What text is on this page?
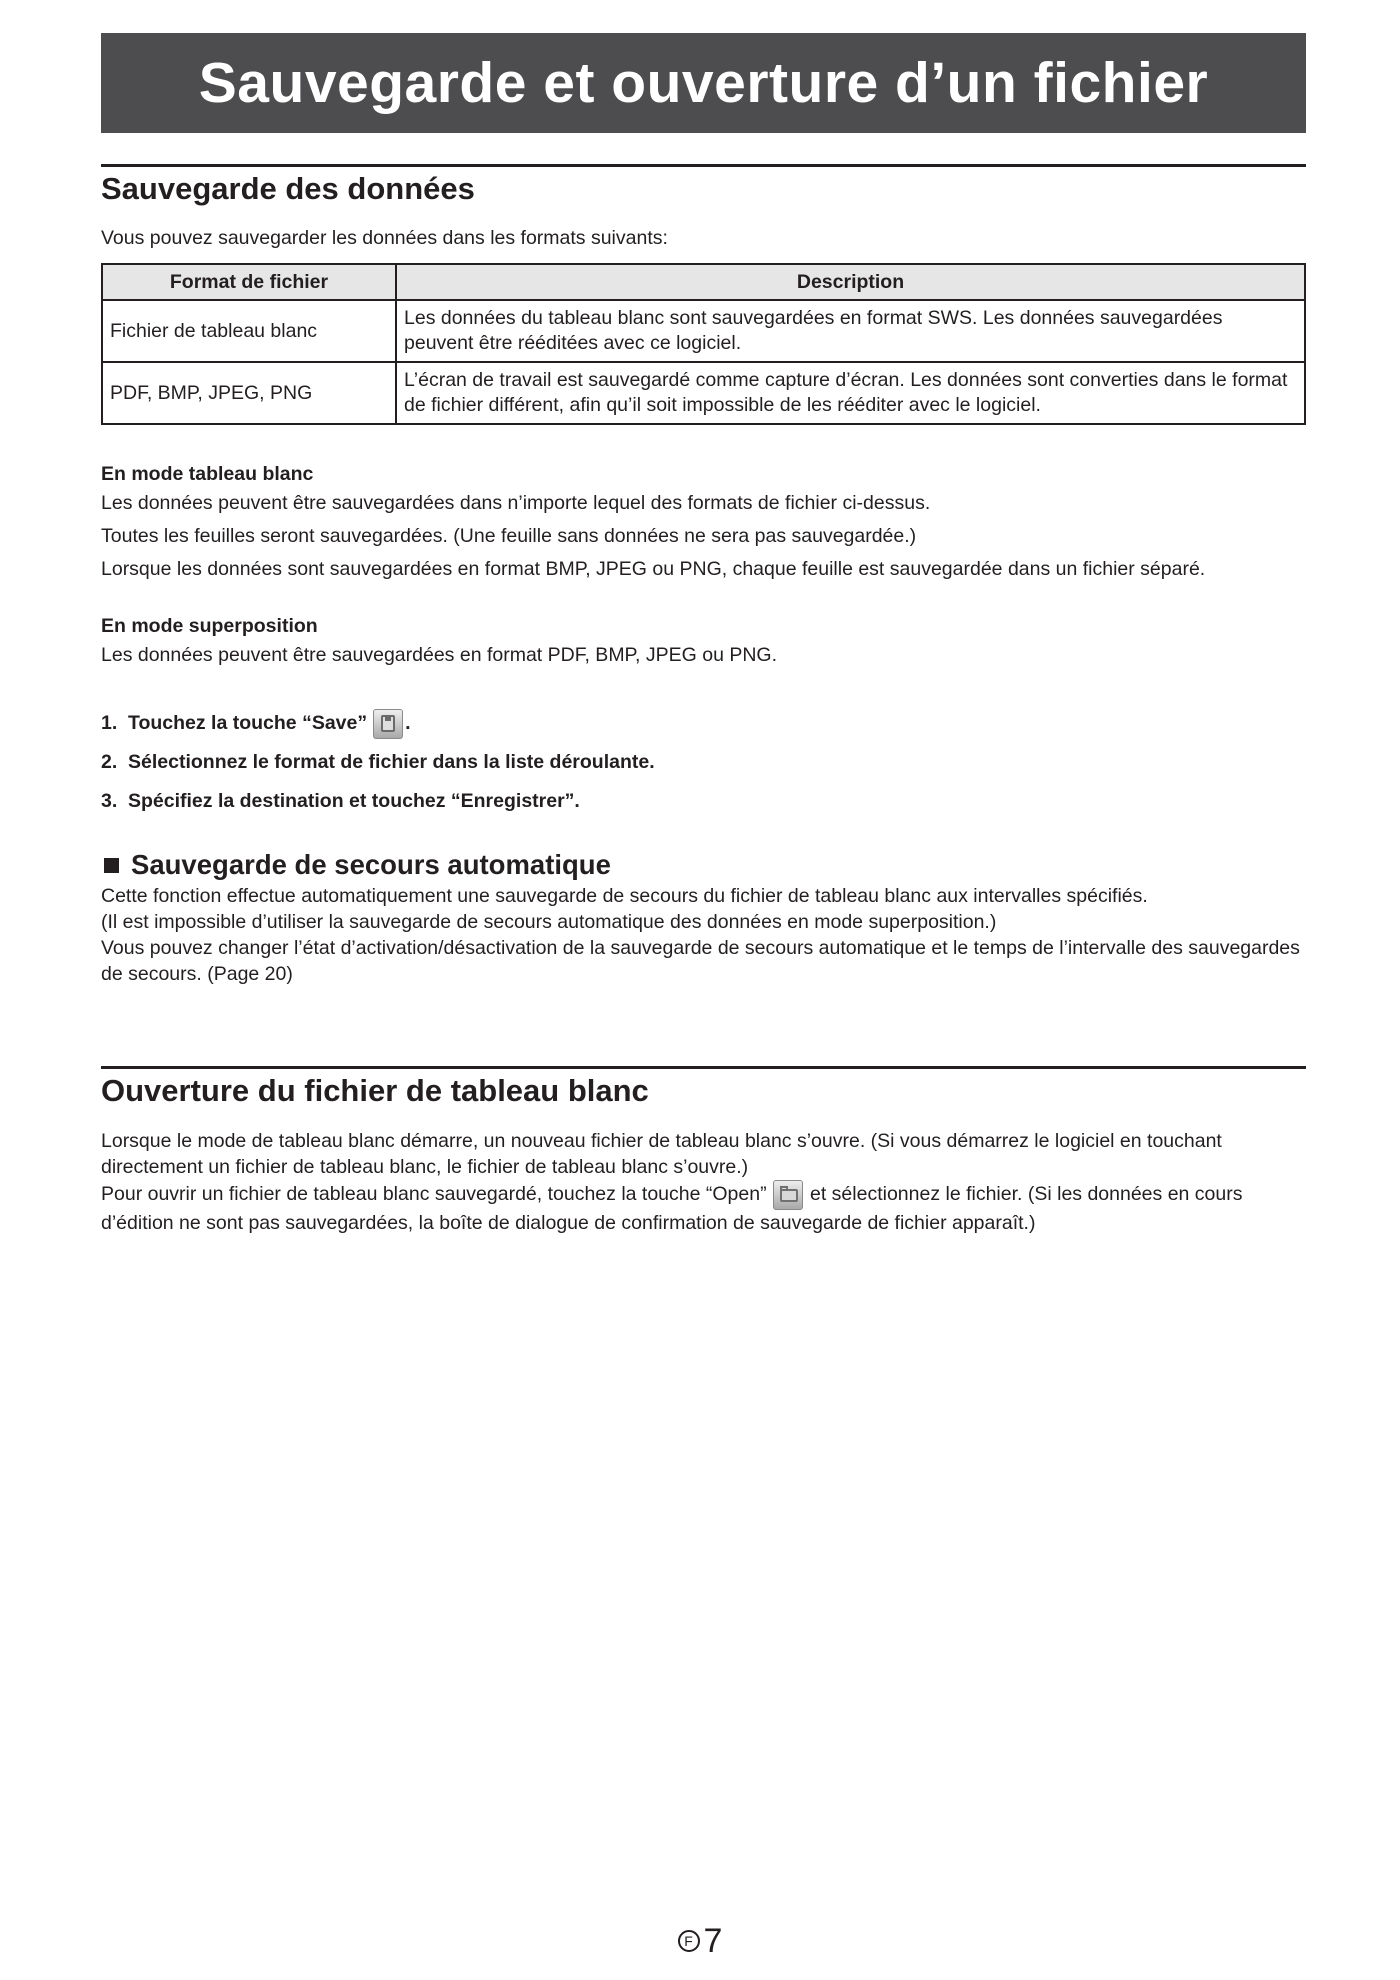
Sauvegarde et ouverture d’un fichier
Sauvegarde des données
Vous pouvez sauvegarder les données dans les formats suivants:
Format de fichier	Description
Fichier de tableau blanc	Les données du tableau blanc sont sauvegardées en format SWS. Les données sauvegardées peuvent être rééditées avec ce logiciel.
PDF, BMP, JPEG, PNG	L’écran de travail est sauvegardé comme capture d’écran. Les données sont converties dans le format de fichier différent, afin qu’il soit impossible de les rééditer avec le logiciel.
En mode tableau blanc
Les données peuvent être sauvegardées dans n’importe lequel des formats de fichier ci-dessus.
Toutes les feuilles seront sauvegardées. (Une feuille sans données ne sera pas sauvegardée.)
Lorsque les données sont sauvegardées en format BMP, JPEG ou PNG, chaque feuille est sauvegardée dans un fichier séparé.
En mode superposition
Les données peuvent être sauvegardées en format PDF, BMP, JPEG ou PNG.
1. Touchez la touche “Save” .
2. Sélectionnez le format de fichier dans la liste déroulante.
3. Spécifiez la destination et touchez “Enregistrer”.
Sauvegarde de secours automatique
Cette fonction effectue automatiquement une sauvegarde de secours du fichier de tableau blanc aux intervalles spécifiés.
(Il est impossible d’utiliser la sauvegarde de secours automatique des données en mode superposition.)
Vous pouvez changer l’état d’activation/désactivation de la sauvegarde de secours automatique et le temps de l’intervalle des sauvegardes de secours. (Page 20)
Ouverture du fichier de tableau blanc
Lorsque le mode de tableau blanc démarre, un nouveau fichier de tableau blanc s’ouvre. (Si vous démarrez le logiciel en touchant directement un fichier de tableau blanc, le fichier de tableau blanc s’ouvre.)
Pour ouvrir un fichier de tableau blanc sauvegardé, touchez la touche “Open” et sélectionnez le fichier. (Si les données en cours d’édition ne sont pas sauvegardées, la boîte de dialogue de confirmation de sauvegarde de fichier apparaît.)
F 7
